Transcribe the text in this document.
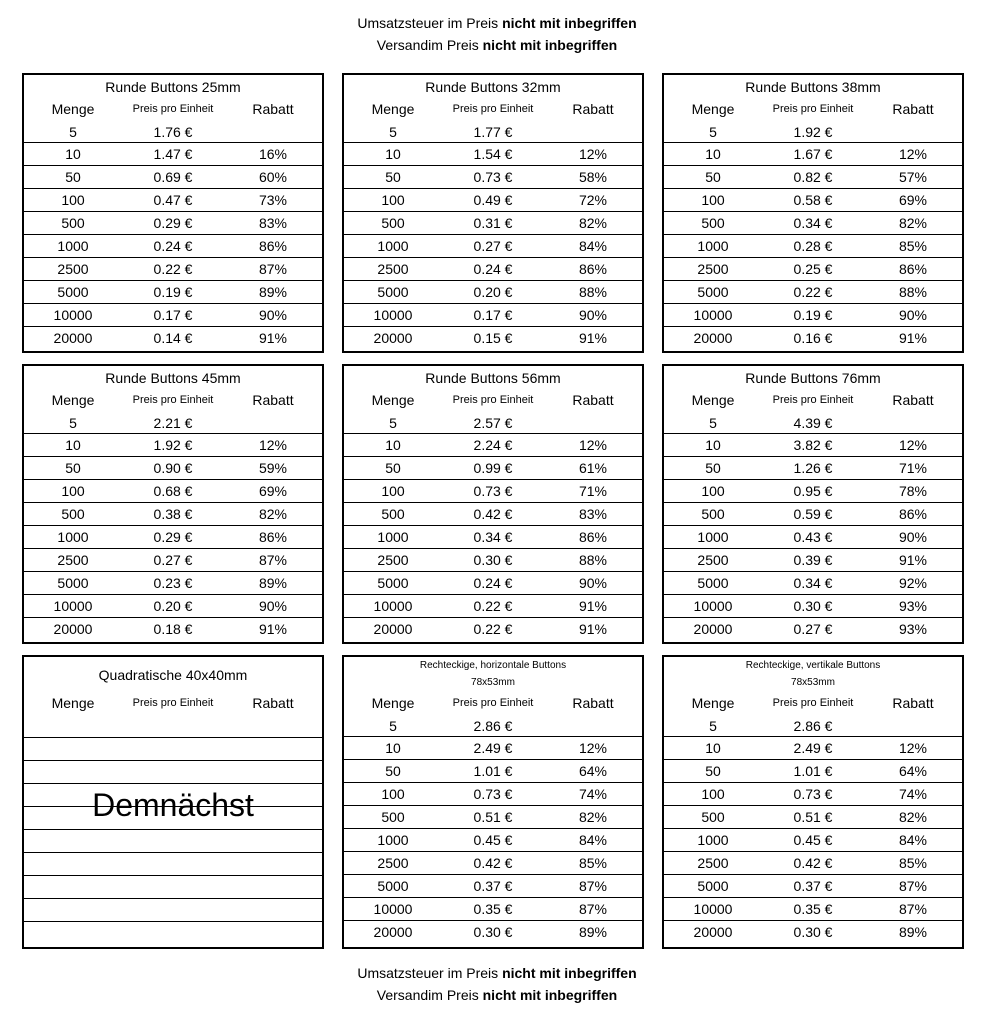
Umsatzsteuer im Preis nicht mit inbegriffen
Versandim Preis nicht mit inbegriffen
Runde Buttons 25mm
Menge	Preis pro Einheit	Rabatt
5	1.76 €
10	1.47 €	16%
50	0.69 €	60%
100	0.47 €	73%
500	0.29 €	83%
1000	0.24 €	86%
2500	0.22 €	87%
5000	0.19 €	89%
10000	0.17 €	90%
20000	0.14 €	91%
Runde Buttons 32mm
Menge	Preis pro Einheit	Rabatt
5	1.77 €
10	1.54 €	12%
50	0.73 €	58%
100	0.49 €	72%
500	0.31 €	82%
1000	0.27 €	84%
2500	0.24 €	86%
5000	0.20 €	88%
10000	0.17 €	90%
20000	0.15 €	91%
Runde Buttons 38mm
Menge	Preis pro Einheit	Rabatt
5	1.92 €
10	1.67 €	12%
50	0.82 €	57%
100	0.58 €	69%
500	0.34 €	82%
1000	0.28 €	85%
2500	0.25 €	86%
5000	0.22 €	88%
10000	0.19 €	90%
20000	0.16 €	91%
Runde Buttons 45mm
Menge	Preis pro Einheit	Rabatt
5	2.21 €
10	1.92 €	12%
50	0.90 €	59%
100	0.68 €	69%
500	0.38 €	82%
1000	0.29 €	86%
2500	0.27 €	87%
5000	0.23 €	89%
10000	0.20 €	90%
20000	0.18 €	91%
Runde Buttons 56mm
Menge	Preis pro Einheit	Rabatt
5	2.57 €
10	2.24 €	12%
50	0.99 €	61%
100	0.73 €	71%
500	0.42 €	83%
1000	0.34 €	86%
2500	0.30 €	88%
5000	0.24 €	90%
10000	0.22 €	91%
20000	0.22 €	91%
Runde Buttons 76mm
Menge	Preis pro Einheit	Rabatt
5	4.39 €
10	3.82 €	12%
50	1.26 €	71%
100	0.95 €	78%
500	0.59 €	86%
1000	0.43 €	90%
2500	0.39 €	91%
5000	0.34 €	92%
10000	0.30 €	93%
20000	0.27 €	93%
Quadratische 40x40mm
Menge	Preis pro Einheit	Rabatt
Demnächst
Rechteckige, horizontale Buttons
78x53mm
Menge	Preis pro Einheit	Rabatt
5	2.86 €
10	2.49 €	12%
50	1.01 €	64%
100	0.73 €	74%
500	0.51 €	82%
1000	0.45 €	84%
2500	0.42 €	85%
5000	0.37 €	87%
10000	0.35 €	87%
20000	0.30 €	89%
Rechteckige, vertikale Buttons
78x53mm
Menge	Preis pro Einheit	Rabatt
5	2.86 €
10	2.49 €	12%
50	1.01 €	64%
100	0.73 €	74%
500	0.51 €	82%
1000	0.45 €	84%
2500	0.42 €	85%
5000	0.37 €	87%
10000	0.35 €	87%
20000	0.30 €	89%
Umsatzsteuer im Preis nicht mit inbegriffen
Versandim Preis nicht mit inbegriffen
